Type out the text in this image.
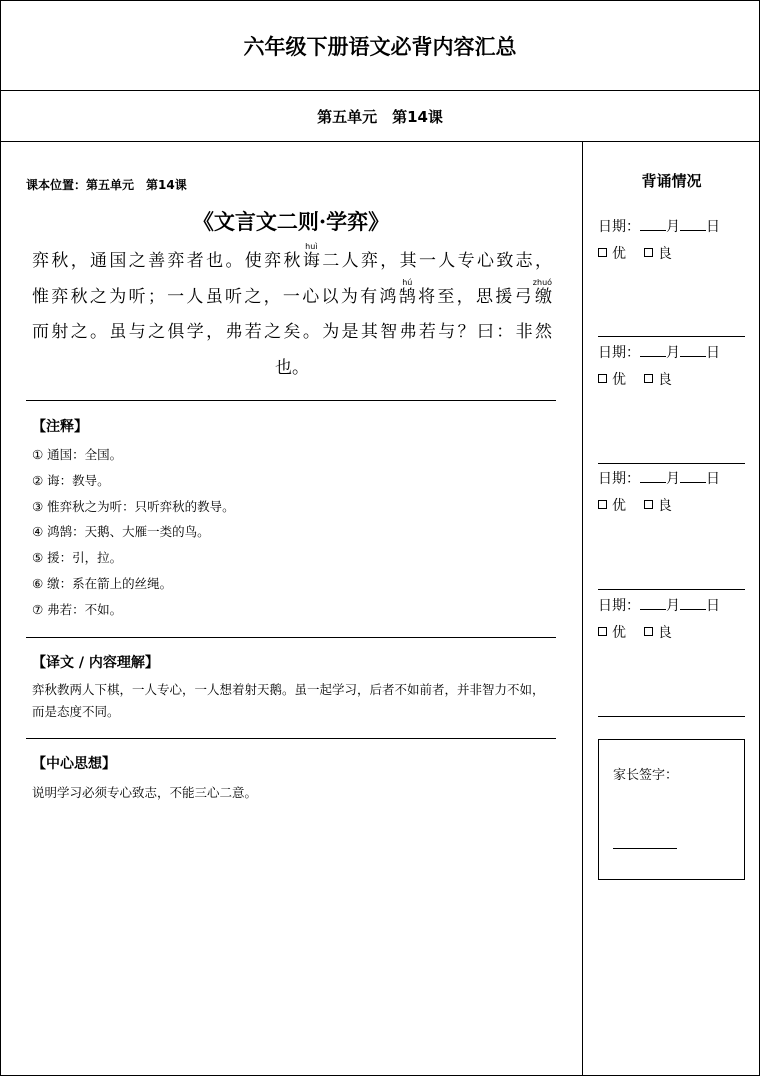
六年级下册语文必背内容汇总
第五单元　第14课
课本位置：第五单元　第14课
《文言文二则·学弈》
弈秋，通国之善弈者也。使弈秋诲huì二人弈，其一人专心致志，
惟弈秋之为听；一人虽听之，一心以为有鸿鹄hú将至，思援弓缴zhuó
而射之。虽与之俱学，弗若之矣。为是其智弗若与？曰：非然
也。
【注释】
① 通国：全国。
② 诲：教导。
③ 惟弈秋之为听：只听弈秋的教导。
④ 鸿鹄：天鹅、大雁一类的鸟。
⑤ 援：引，拉。
⑥ 缴：系在箭上的丝绳。
⑦ 弗若：不如。
【译文 / 内容理解】
弈秋教两人下棋，一人专心，一人想着射天鹅。虽一起学习，后者不如前者，并非智力不如，而是态度不同。
【中心思想】
说明学习必须专心致志，不能三心二意。
背诵情况
日期： 月 日
优 良
日期： 月 日
优 良
日期： 月 日
优 良
日期： 月 日
优 良
家长签字：
